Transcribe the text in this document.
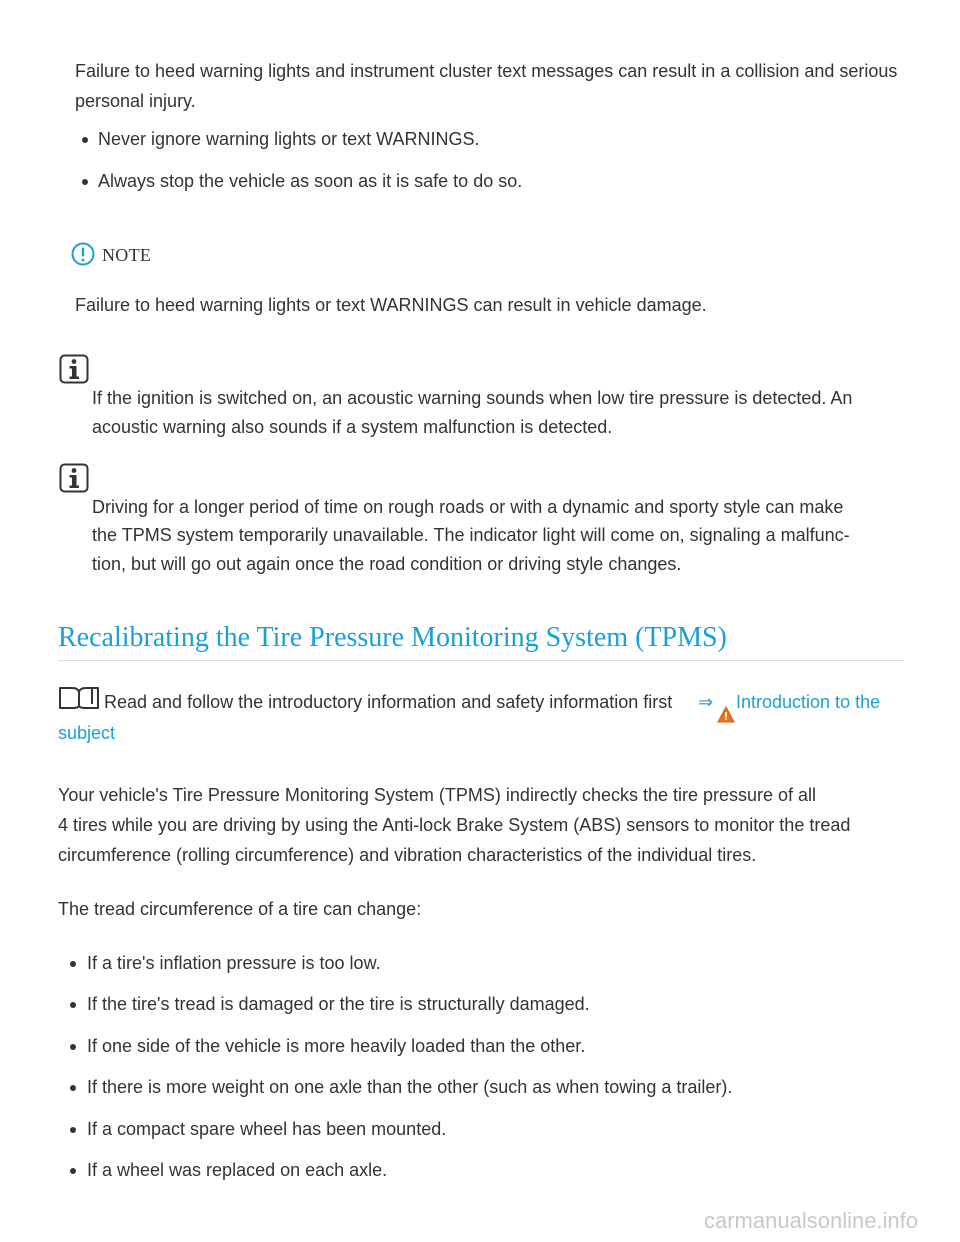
Failure to heed warning lights and instrument cluster text messages can result in a collision and serious personal injury.
Never ignore warning lights or text WARNINGS.
Always stop the vehicle as soon as it is safe to do so.
NOTE
Failure to heed warning lights or text WARNINGS can result in vehicle damage.
If the ignition is switched on, an acoustic warning sounds when low tire pressure is detected. An
acoustic warning also sounds if a system malfunction is detected.
Driving for a longer period of time on rough roads or with a dynamic and sporty style can make
the TPMS system temporarily unavailable. The indicator light will come on, signaling a malfunc-
tion, but will go out again once the road condition or driving style changes.
Recalibrating the Tire Pressure Monitoring System (TPMS)
Read and follow the introductory information and safety information first ⇒ Introduction to the
subject
Your vehicle's Tire Pressure Monitoring System (TPMS) indirectly checks the tire pressure of all
4 tires while you are driving by using the Anti-lock Brake System (ABS) sensors to monitor the tread
circumference (rolling circumference) and vibration characteristics of the individual tires.
The tread circumference of a tire can change:
If a tire's inflation pressure is too low.
If the tire's tread is damaged or the tire is structurally damaged.
If one side of the vehicle is more heavily loaded than the other.
If there is more weight on one axle than the other (such as when towing a trailer).
If a compact spare wheel has been mounted.
If a wheel was replaced on each axle.
carmanualsonline.info
